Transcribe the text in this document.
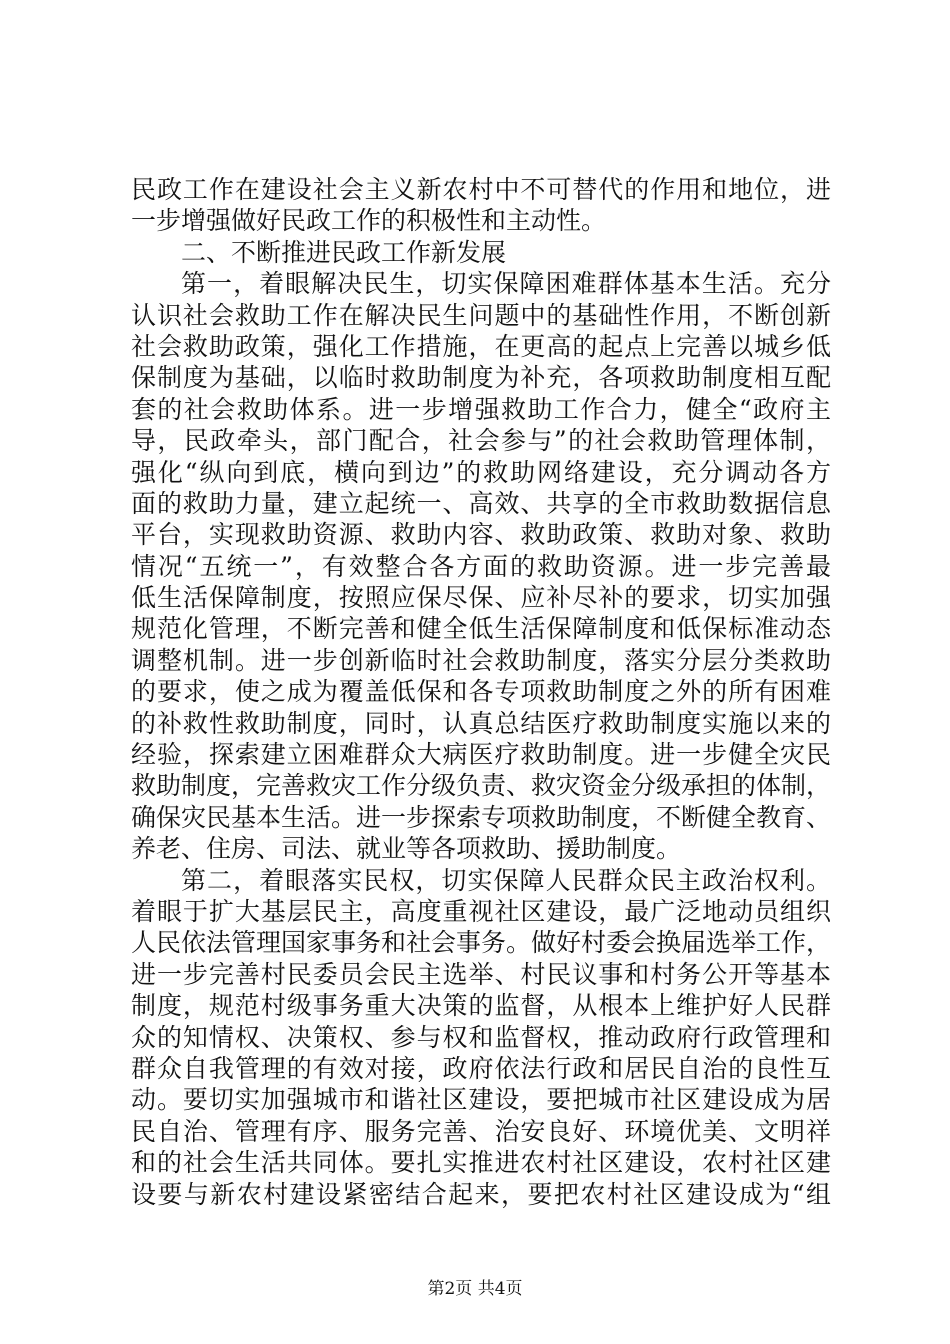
民政工作在建设社会主义新农村中不可替代的作用和地位，进
一步增强做好民政工作的积极性和主动性。
二、不断推进民政工作新发展
第一，着眼解决民生，切实保障困难群体基本生活。充分
认识社会救助工作在解决民生问题中的基础性作用，不断创新
社会救助政策，强化工作措施，在更高的起点上完善以城乡低
保制度为基础，以临时救助制度为补充，各项救助制度相互配
套的社会救助体系。进一步增强救助工作合力，健全“政府主
导，民政牵头，部门配合，社会参与”的社会救助管理体制，
强化“纵向到底，横向到边”的救助网络建设，充分调动各方
面的救助力量，建立起统一、高效、共享的全市救助数据信息
平台，实现救助资源、救助内容、救助政策、救助对象、救助
情况“五统一”，有效整合各方面的救助资源。进一步完善最
低生活保障制度，按照应保尽保、应补尽补的要求，切实加强
规范化管理，不断完善和健全低生活保障制度和低保标准动态
调整机制。进一步创新临时社会救助制度，落实分层分类救助
的要求，使之成为覆盖低保和各专项救助制度之外的所有困难
的补救性救助制度，同时，认真总结医疗救助制度实施以来的
经验，探索建立困难群众大病医疗救助制度。进一步健全灾民
救助制度，完善救灾工作分级负责、救灾资金分级承担的体制，
确保灾民基本生活。进一步探索专项救助制度，不断健全教育、
养老、住房、司法、就业等各项救助、援助制度。
第二，着眼落实民权，切实保障人民群众民主政治权利。
着眼于扩大基层民主，高度重视社区建设，最广泛地动员组织
人民依法管理国家事务和社会事务。做好村委会换届选举工作，
进一步完善村民委员会民主选举、村民议事和村务公开等基本
制度，规范村级事务重大决策的监督，从根本上维护好人民群
众的知情权、决策权、参与权和监督权，推动政府行政管理和
群众自我管理的有效对接，政府依法行政和居民自治的良性互
动。要切实加强城市和谐社区建设，要把城市社区建设成为居
民自治、管理有序、服务完善、治安良好、环境优美、文明祥
和的社会生活共同体。要扎实推进农村社区建设，农村社区建
设要与新农村建设紧密结合起来，要把农村社区建设成为“组
第2页 共4页
